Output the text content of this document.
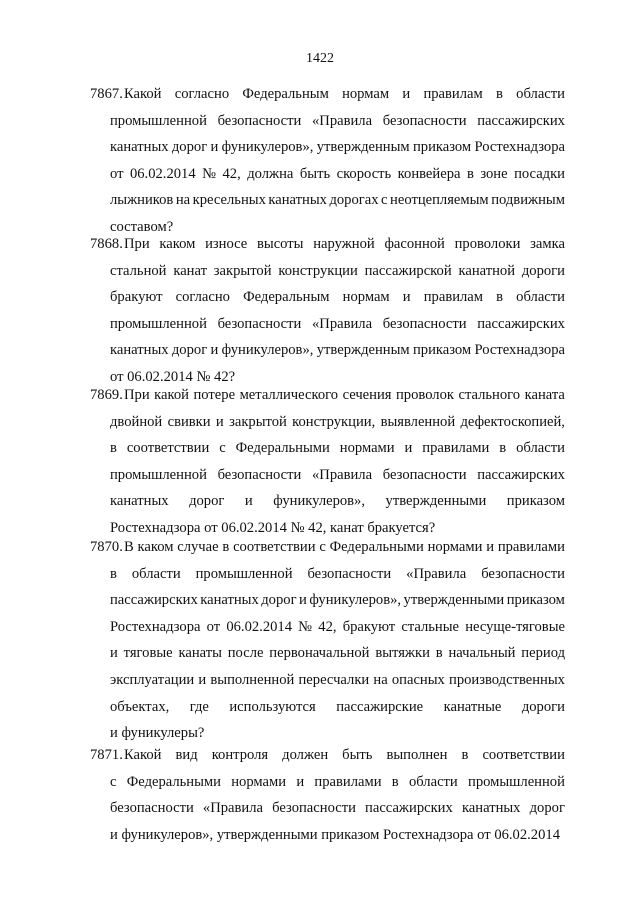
1422
7867. Какой согласно Федеральным нормам и правилам в области
промышленной безопасности «Правила безопасности пассажирских
канатных дорог и фуникулеров», утвержденным приказом Ростехнадзора
от 06.02.2014 № 42, должна быть скорость конвейера в зоне посадки
лыжников на кресельных канатных дорогах с неотцепляемым подвижным
составом?
7868. При каком износе высоты наружной фасонной проволоки замка
стальной канат закрытой конструкции пассажирской канатной дороги
бракуют согласно Федеральным нормам и правилам в области
промышленной безопасности «Правила безопасности пассажирских
канатных дорог и фуникулеров», утвержденным приказом Ростехнадзора
от 06.02.2014 № 42?
7869. При какой потере металлического сечения проволок стального каната
двойной свивки и закрытой конструкции, выявленной дефектоскопией,
в соответствии с Федеральными нормами и правилами в области
промышленной безопасности «Правила безопасности пассажирских
канатных дорог и фуникулеров», утвержденными приказом
Ростехнадзора от 06.02.2014 № 42, канат бракуется?
7870. В каком случае в соответствии с Федеральными нормами и правилами
в области промышленной безопасности «Правила безопасности
пассажирских канатных дорог и фуникулеров», утвержденными приказом
Ростехнадзора от 06.02.2014 № 42, бракуют стальные несуще-тяговые
и тяговые канаты после первоначальной вытяжки в начальный период
эксплуатации и выполненной пересчалки на опасных производственных
объектах, где используются пассажирские канатные дороги
и фуникулеры?
7871. Какой вид контроля должен быть выполнен в соответствии
с Федеральными нормами и правилами в области промышленной
безопасности «Правила безопасности пассажирских канатных дорог
и фуникулеров», утвержденными приказом Ростехнадзора от 06.02.2014
